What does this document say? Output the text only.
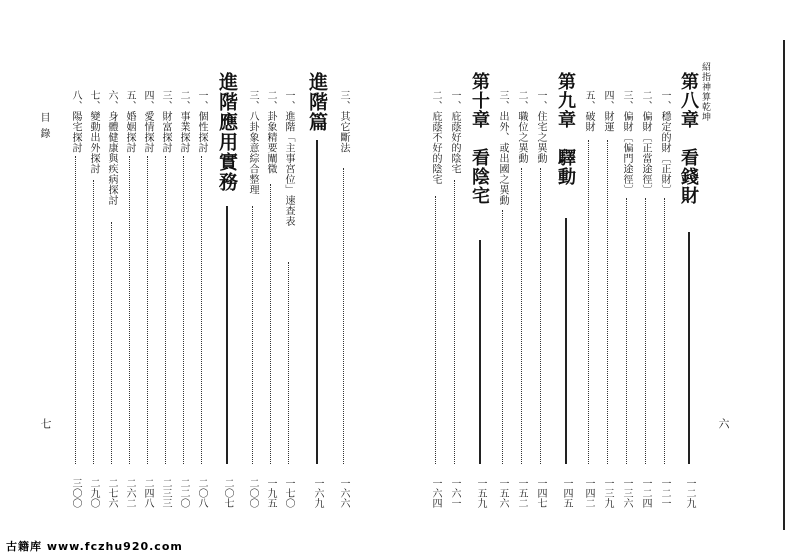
紹指神算乾坤
六
第八章　看錢財
一二九
一、穩定的財〔正財〕
一二一
二、偏財〔正當途徑〕
一二四
三、偏財〔偏門途徑〕
一三六
四、財運
一三九
五、破財
一四二
第九章　驛動
一四五
一、住宅之異動
一四七
二、職位之異動
一五二
三、出外、或出國之異動
一五六
第十章　看陰宅
一五九
一、庇蔭好的陰宅
一六一
二、庇蔭不好的陰宅
一六四
三、其它斷法
一六六
進階篇
一六九
一、進階「主事宮位」速查表
一七〇
二、卦象精要闡微
一九五
三、八卦象意綜合整理
二〇〇
進階應用實務
二〇七
一、個性探討
二〇八
二、事業探討
二二〇
三、財富探討
二三三
四、愛情探討
二四八
五、婚姻探討
二六二
六、身體健康與疾病探討
二七六
七、變動出外探討
二九〇
八、陽宅探討
三〇〇
目錄
七
古籍库 www.fczhu920.com
